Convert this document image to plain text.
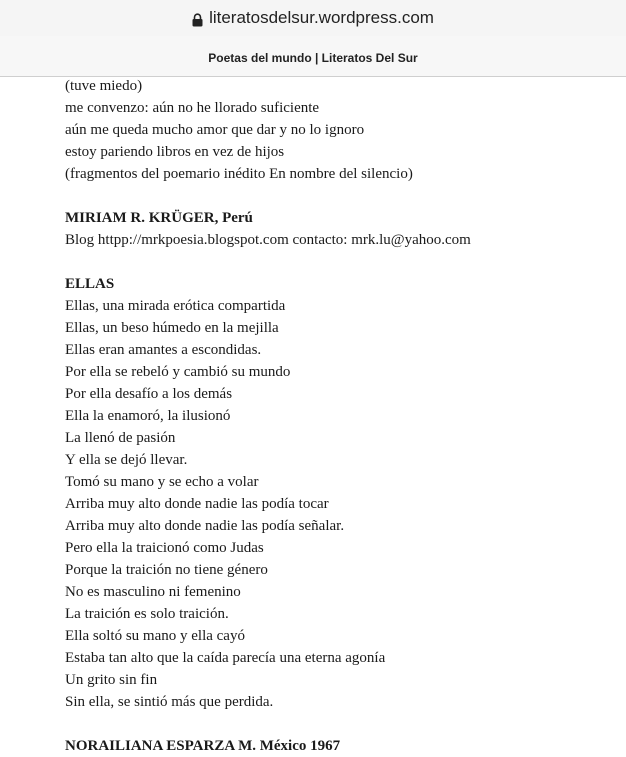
literatosdelsur.wordpress.com
Poetas del mundo | Literatos Del Sur
(tuve miedo)
me convenzo: aún no he llorado suficiente
aún me queda mucho amor que dar y no lo ignoro
estoy pariendo libros en vez de hijos
(fragmentos del poemario inédito En nombre del silencio)
MIRIAM R. KRÜGER, Perú
Blog httpp://mrkpoesia.blogspot.com contacto: mrk.lu@yahoo.com
ELLAS
Ellas, una mirada erótica compartida
Ellas, un beso húmedo en la mejilla
Ellas eran amantes a escondidas.
Por ella se rebeló y cambió su mundo
Por ella desafío a los demás
Ella la enamoró, la ilusionó
La llenó de pasión
Y ella se dejó llevar.
Tomó su mano y se echo a volar
Arriba muy alto donde nadie las podía tocar
Arriba muy alto donde nadie las podía señalar.
Pero ella la traicionó como Judas
Porque la traición no tiene género
No es masculino ni femenino
La traición es solo traición.
Ella soltó su mano y ella cayó
Estaba tan alto que la caída parecía una eterna agonía
Un grito sin fin
Sin ella, se sintió más que perdida.
NORAILIANA ESPARZA M. México 1967
